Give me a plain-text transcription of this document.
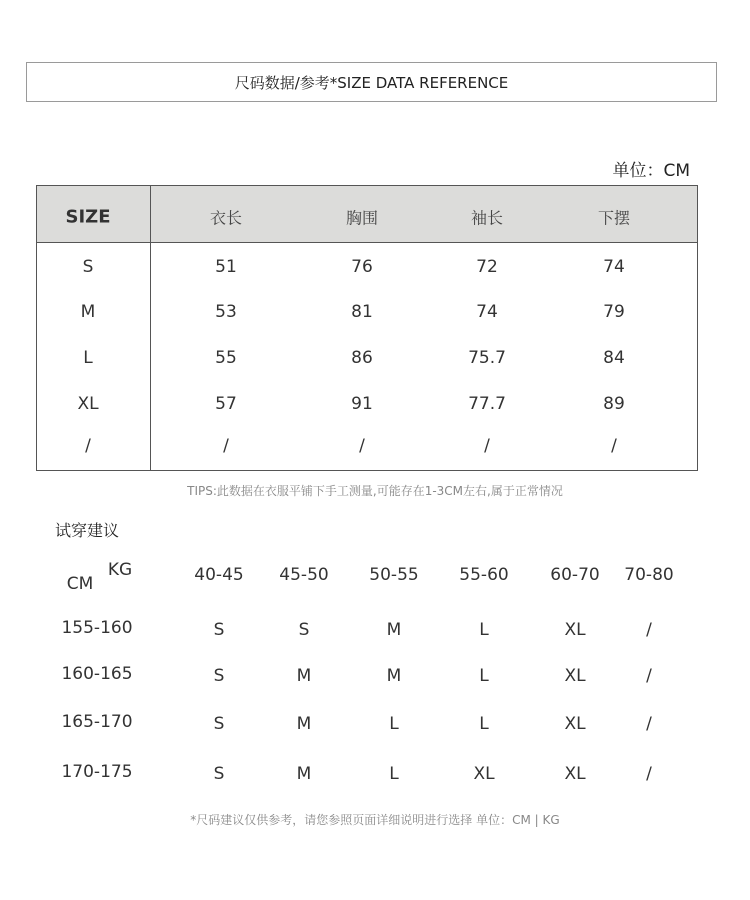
尺码数据/参考*SIZE DATA REFERENCE
单位：CM
SIZE	衣长	胸围	袖长	下摆
S	51	76	72	74
M	53	81	74	79
L	55	86	75.7	84
XL	57	91	77.7	89
/	/	/	/	/
TIPS:此数据在衣服平铺下手工测量,可能存在1-3CM左右,属于正常情况
试穿建议
KG
CM	40-45 45-50 50-55 55-60 60-70 70-80
155-160	S	S	M	L	XL	/
160-165	S	M	M	L	XL	/
165-170	S	M	L	L	XL	/
170-175	S	M	L	XL	XL	/
*尺码建议仅供参考，请您参照页面详细说明进行选择 单位：CM | KG
